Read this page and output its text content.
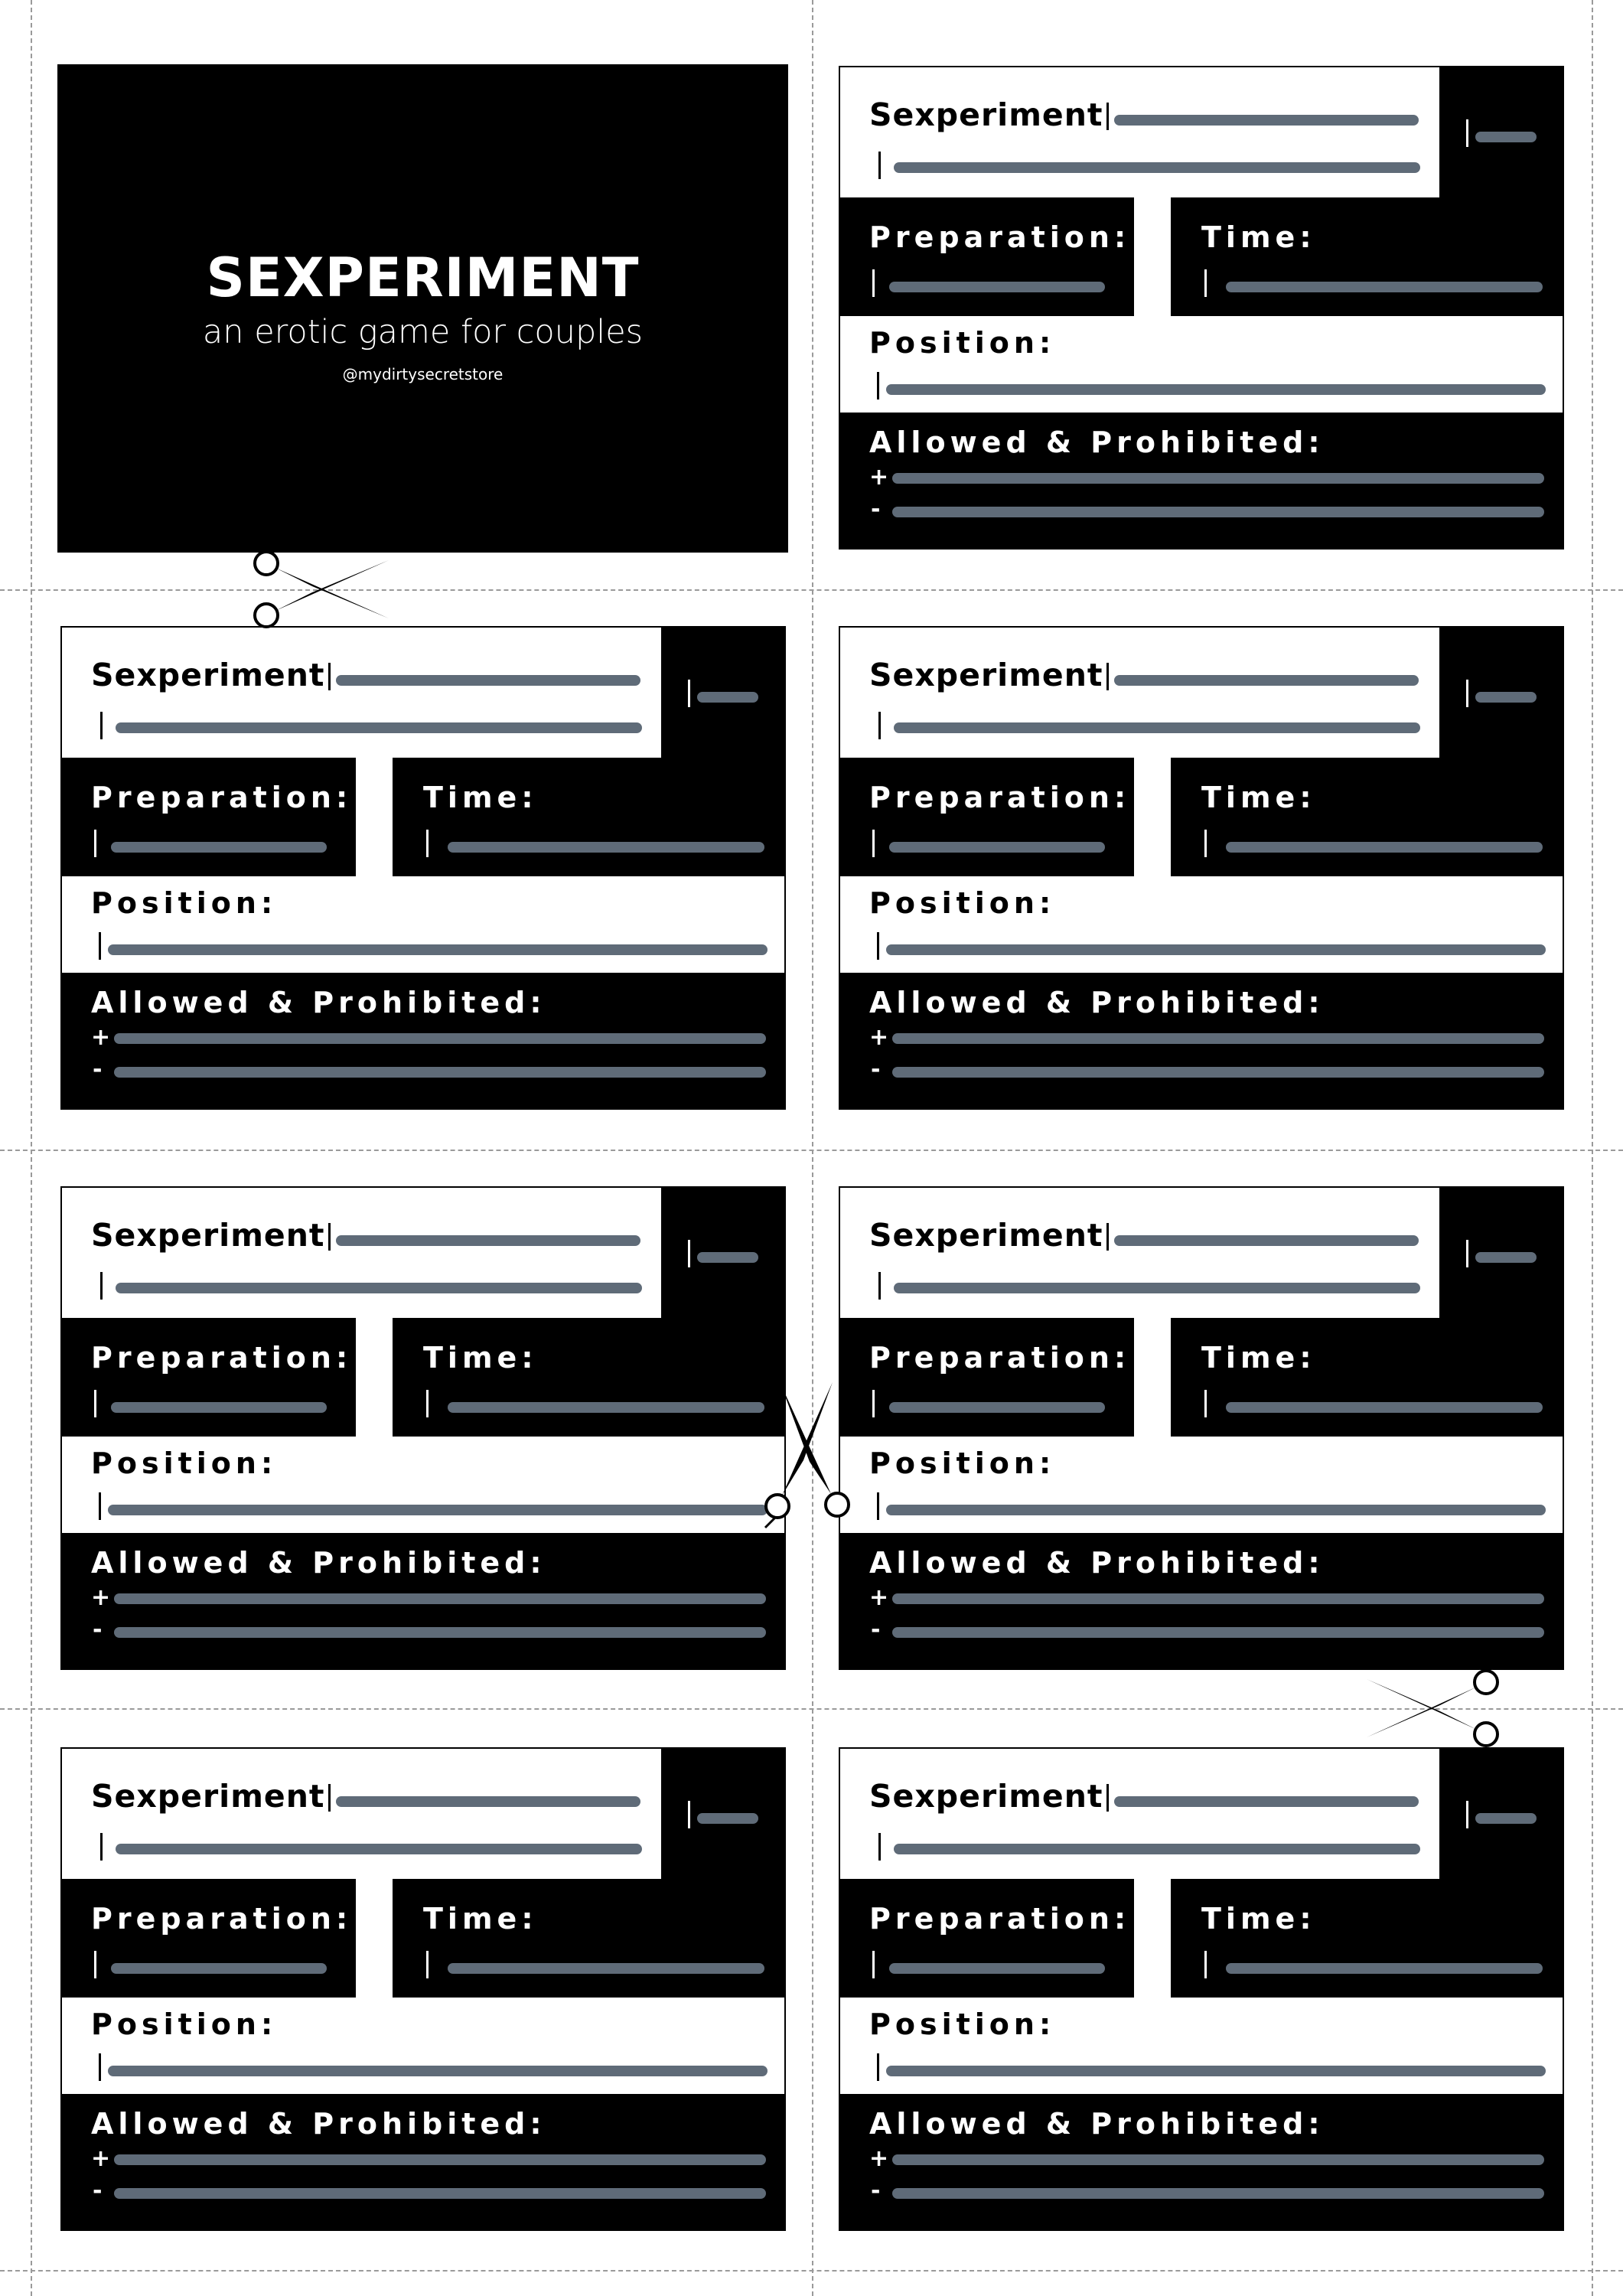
SEXPERIMENT
an erotic game for couples
@mydirtysecretstore
Sexperiment
Preparation: Time:
Position:
Allowed & Prohibited:
+
-
Sexperiment
Preparation: Time:
Position:
Allowed & Prohibited:
+
-
Sexperiment
Preparation: Time:
Position:
Allowed & Prohibited:
+
-
Sexperiment
Preparation: Time:
Position:
Allowed & Prohibited:
+
-
Sexperiment
Preparation: Time:
Position:
Allowed & Prohibited:
+
-
Sexperiment
Preparation: Time:
Position:
Allowed & Prohibited:
+
-
Sexperiment
Preparation: Time:
Position:
Allowed & Prohibited:
+
-
